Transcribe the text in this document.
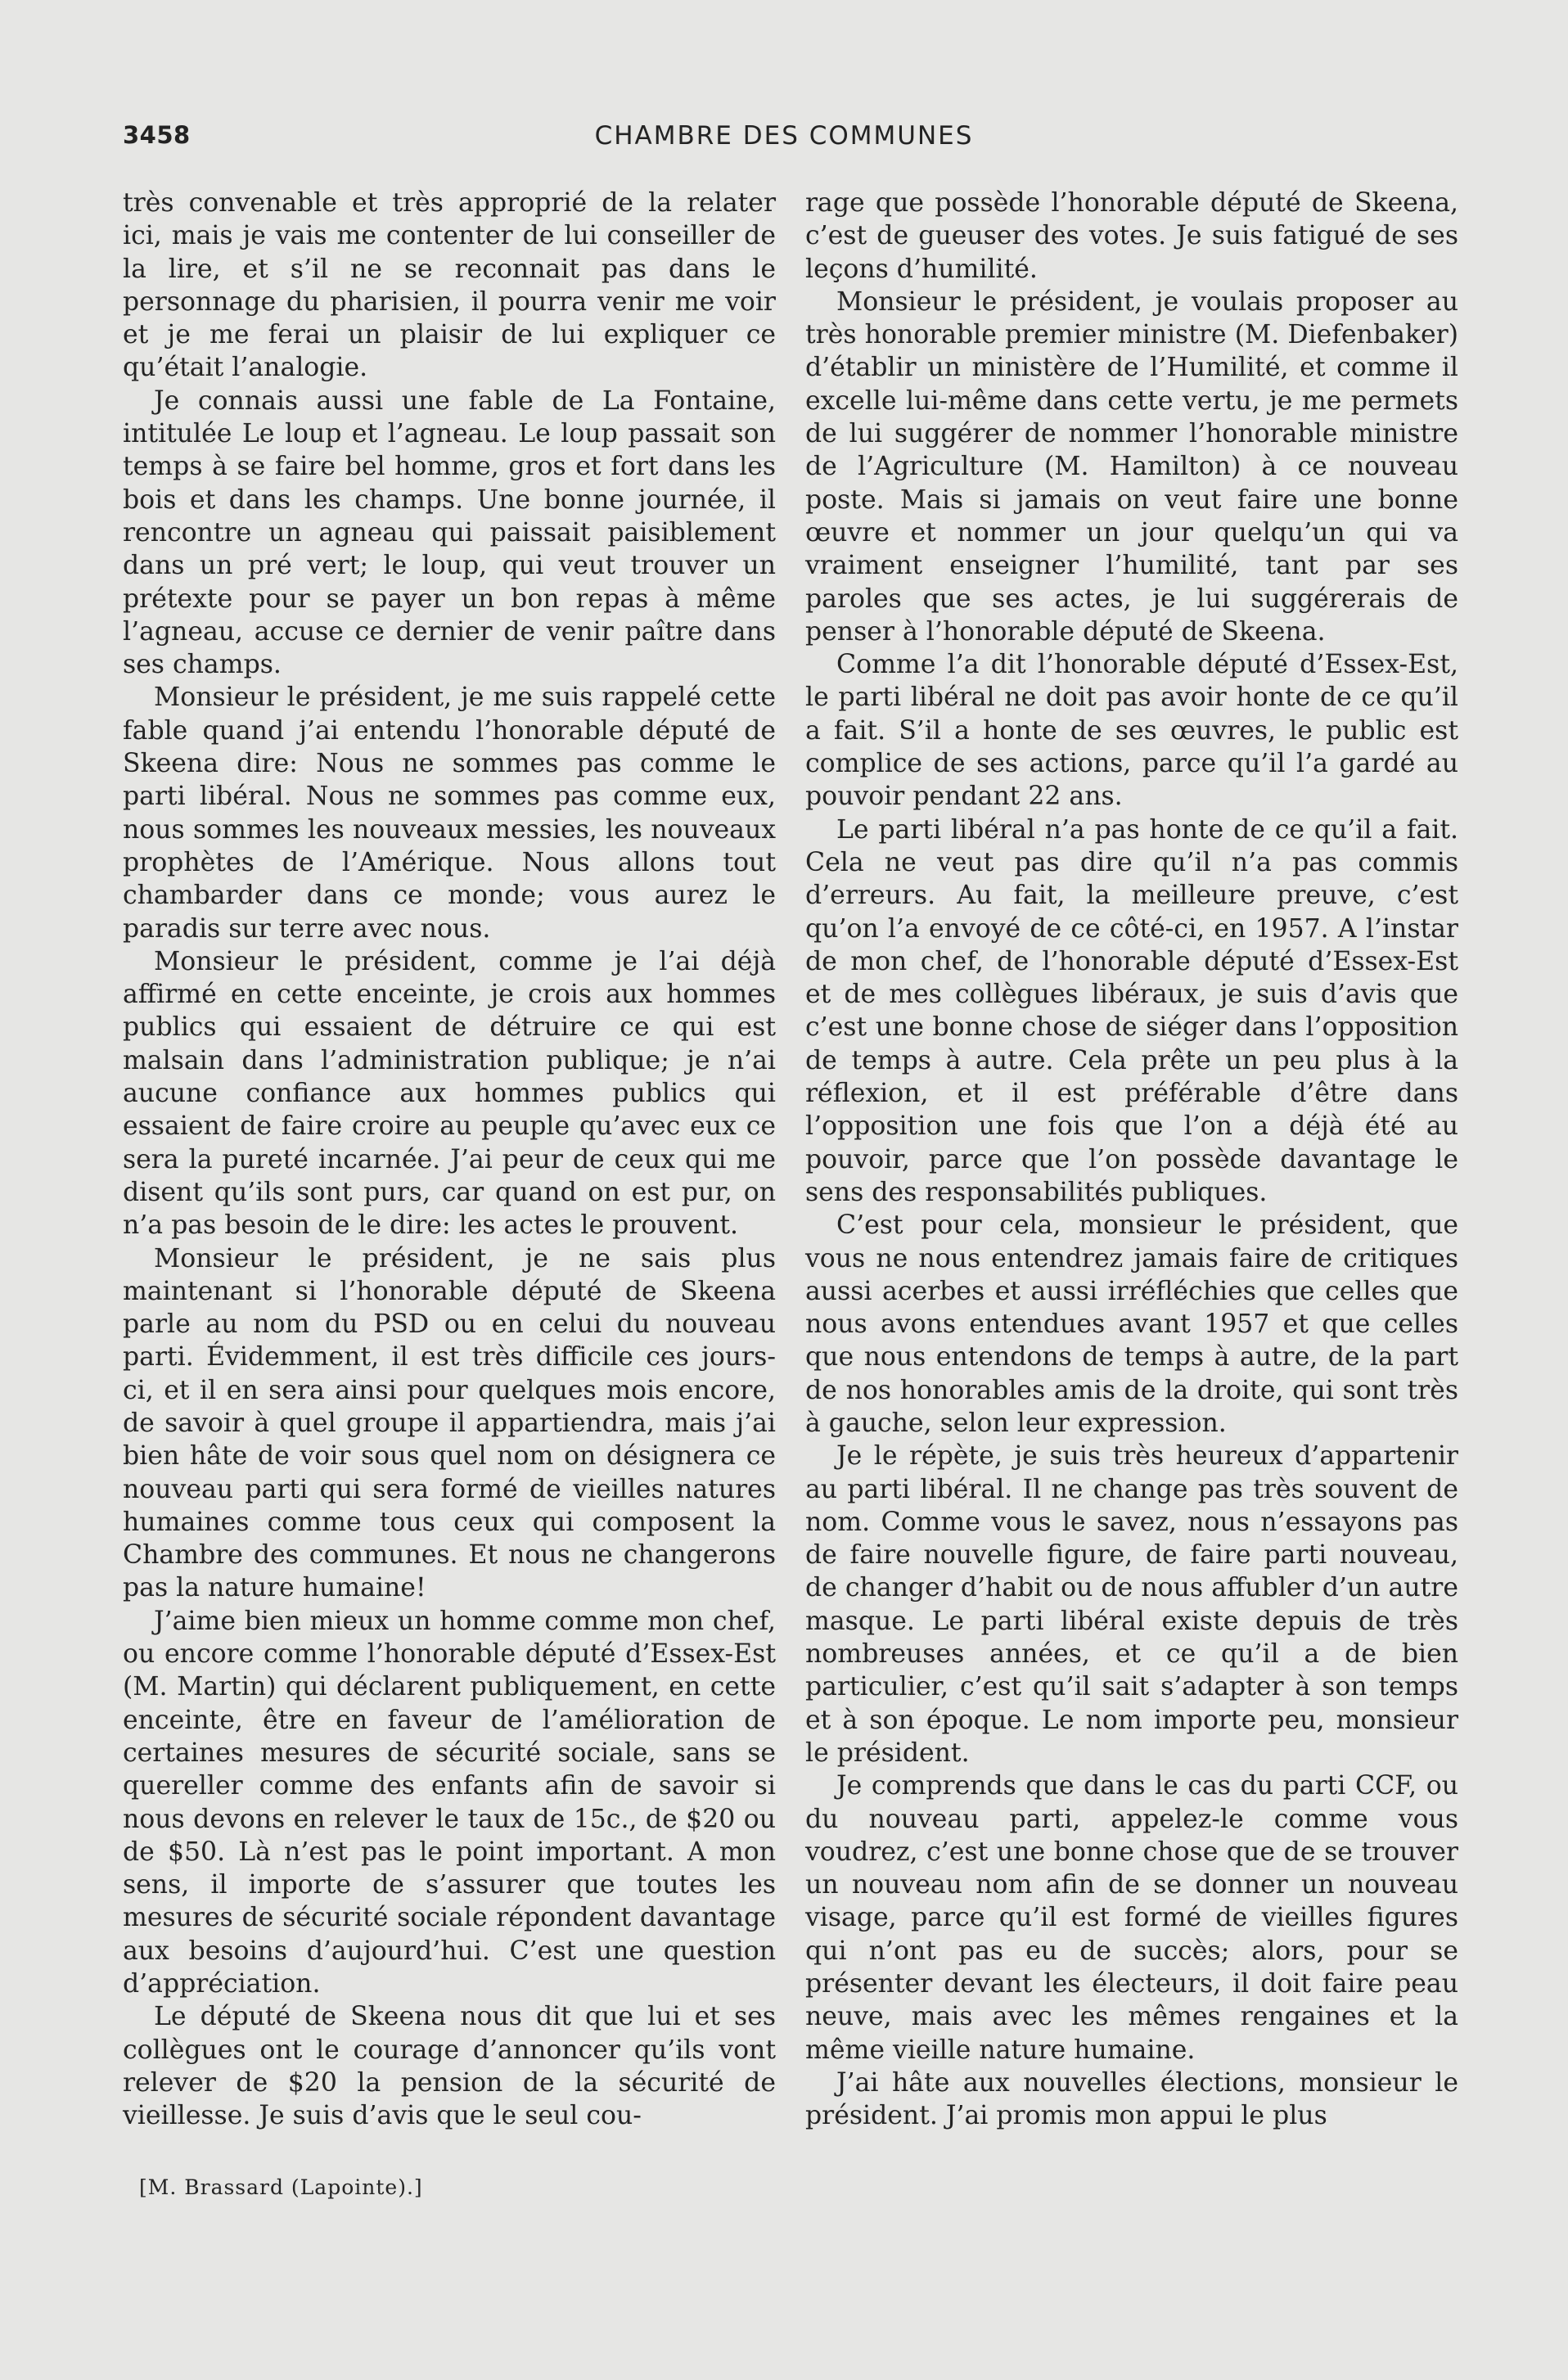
3458	CHAMBRE DES COMMUNES

très convenable et très approprié de la relater ici, mais je vais me contenter de lui conseiller de la lire, et s’il ne se reconnait pas dans le personnage du pharisien, il pourra venir me voir et je me ferai un plaisir de lui expliquer ce qu’était l’analogie.

Je connais aussi une fable de La Fontaine, intitulée Le loup et l’agneau. Le loup passait son temps à se faire bel homme, gros et fort dans les bois et dans les champs. Une bonne journée, il rencontre un agneau qui paissait paisiblement dans un pré vert; le loup, qui veut trouver un prétexte pour se payer un bon repas à même l’agneau, accuse ce dernier de venir paître dans ses champs.

Monsieur le président, je me suis rappelé cette fable quand j’ai entendu l’honorable député de Skeena dire: Nous ne sommes pas comme le parti libéral. Nous ne sommes pas comme eux, nous sommes les nouveaux messies, les nouveaux prophètes de l’Amérique. Nous allons tout chambarder dans ce monde; vous aurez le paradis sur terre avec nous.

Monsieur le président, comme je l’ai déjà affirmé en cette enceinte, je crois aux hommes publics qui essaient de détruire ce qui est malsain dans l’administration publique; je n’ai aucune confiance aux hommes publics qui essaient de faire croire au peuple qu’avec eux ce sera la pureté incarnée. J’ai peur de ceux qui me disent qu’ils sont purs, car quand on est pur, on n’a pas besoin de le dire: les actes le prouvent.

Monsieur le président, je ne sais plus maintenant si l’honorable député de Skeena parle au nom du PSD ou en celui du nouveau parti. Évidemment, il est très difficile ces jours-ci, et il en sera ainsi pour quelques mois encore, de savoir à quel groupe il appartiendra, mais j’ai bien hâte de voir sous quel nom on désignera ce nouveau parti qui sera formé de vieilles natures humaines comme tous ceux qui composent la Chambre des communes. Et nous ne changerons pas la nature humaine!

J’aime bien mieux un homme comme mon chef, ou encore comme l’honorable député d’Essex-Est (M. Martin) qui déclarent publiquement, en cette enceinte, être en faveur de l’amélioration de certaines mesures de sécurité sociale, sans se quereller comme des enfants afin de savoir si nous devons en relever le taux de 15c., de $20 ou de $50. Là n’est pas le point important. A mon sens, il importe de s’assurer que toutes les mesures de sécurité sociale répondent davantage aux besoins d’aujourd’hui. C’est une question d’appréciation.

Le député de Skeena nous dit que lui et ses collègues ont le courage d’annoncer qu’ils vont relever de $20 la pension de la sécurité de vieillesse. Je suis d’avis que le seul cou-

rage que possède l’honorable député de Skeena, c’est de gueuser des votes. Je suis fatigué de ses leçons d’humilité.

Monsieur le président, je voulais proposer au très honorable premier ministre (M. Diefenbaker) d’établir un ministère de l’Humilité, et comme il excelle lui-même dans cette vertu, je me permets de lui suggérer de nommer l’honorable ministre de l’Agriculture (M. Hamilton) à ce nouveau poste. Mais si jamais on veut faire une bonne œuvre et nommer un jour quelqu’un qui va vraiment enseigner l’humilité, tant par ses paroles que ses actes, je lui suggérerais de penser à l’honorable député de Skeena.

Comme l’a dit l’honorable député d’Essex-Est, le parti libéral ne doit pas avoir honte de ce qu’il a fait. S’il a honte de ses œuvres, le public est complice de ses actions, parce qu’il l’a gardé au pouvoir pendant 22 ans.

Le parti libéral n’a pas honte de ce qu’il a fait. Cela ne veut pas dire qu’il n’a pas commis d’erreurs. Au fait, la meilleure preuve, c’est qu’on l’a envoyé de ce côté-ci, en 1957. A l’instar de mon chef, de l’honorable député d’Essex-Est et de mes collègues libéraux, je suis d’avis que c’est une bonne chose de siéger dans l’opposition de temps à autre. Cela prête un peu plus à la réflexion, et il est préférable d’être dans l’opposition une fois que l’on a déjà été au pouvoir, parce que l’on possède davantage le sens des responsabilités publiques.

C’est pour cela, monsieur le président, que vous ne nous entendrez jamais faire de critiques aussi acerbes et aussi irréfléchies que celles que nous avons entendues avant 1957 et que celles que nous entendons de temps à autre, de la part de nos honorables amis de la droite, qui sont très à gauche, selon leur expression.

Je le répète, je suis très heureux d’appartenir au parti libéral. Il ne change pas très souvent de nom. Comme vous le savez, nous n’essayons pas de faire nouvelle figure, de faire parti nouveau, de changer d’habit ou de nous affubler d’un autre masque. Le parti libéral existe depuis de très nombreuses années, et ce qu’il a de bien particulier, c’est qu’il sait s’adapter à son temps et à son époque. Le nom importe peu, monsieur le président.

Je comprends que dans le cas du parti CCF, ou du nouveau parti, appelez-le comme vous voudrez, c’est une bonne chose que de se trouver un nouveau nom afin de se donner un nouveau visage, parce qu’il est formé de vieilles figures qui n’ont pas eu de succès; alors, pour se présenter devant les électeurs, il doit faire peau neuve, mais avec les mêmes rengaines et la même vieille nature humaine.

J’ai hâte aux nouvelles élections, monsieur le président. J’ai promis mon appui le plus

[M. Brassard (Lapointe).]
